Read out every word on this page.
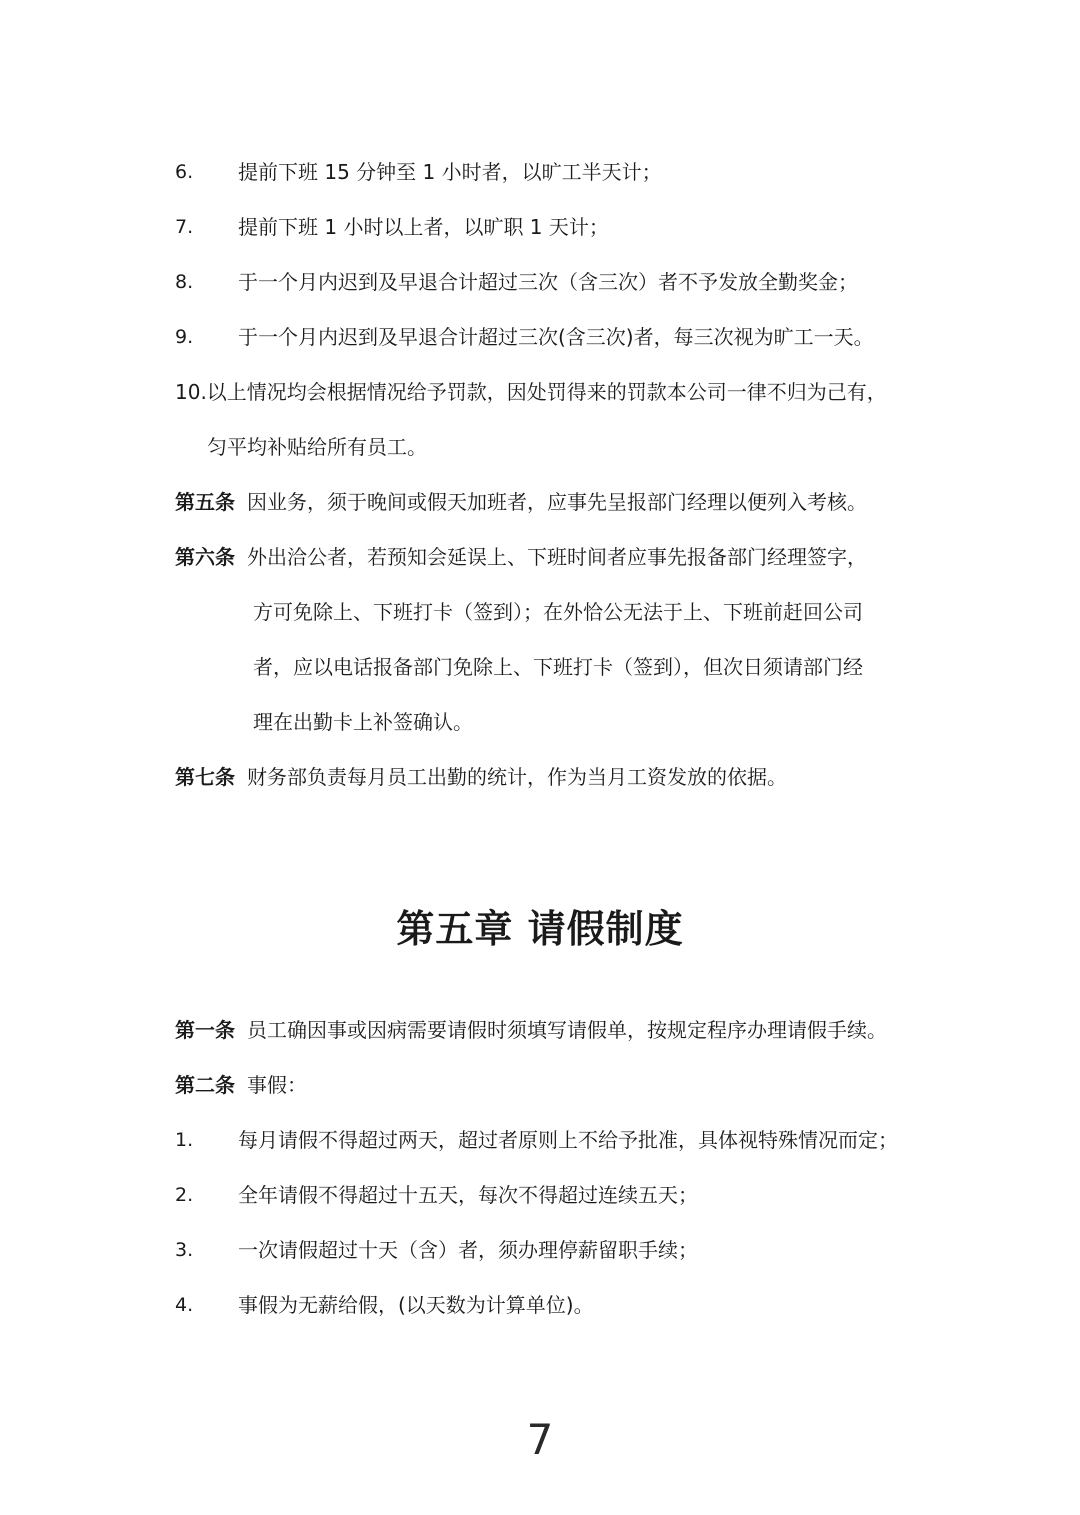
6. 提前下班 15 分钟至 1 小时者，以旷工半天计；
7. 提前下班 1 小时以上者，以旷职 1 天计；
8. 于一个月内迟到及早退合计超过三次（含三次）者不予发放全勤奖金；
9. 于一个月内迟到及早退合计超过三次(含三次)者，每三次视为旷工一天。
10.以上情况均会根据情况给予罚款，因处罚得来的罚款本公司一律不归为己有，
匀平均补贴给所有员工。
第五条 因业务，须于晚间或假天加班者，应事先呈报部门经理以便列入考核。
第六条 外出洽公者，若预知会延误上、下班时间者应事先报备部门经理签字，
方可免除上、下班打卡（签到）；在外恰公无法于上、下班前赶回公司
者，应以电话报备部门免除上、下班打卡（签到），但次日须请部门经
理在出勤卡上补签确认。
第七条 财务部负责每月员工出勤的统计，作为当月工资发放的依据。
第五章 请假制度
第一条 员工确因事或因病需要请假时须填写请假单，按规定程序办理请假手续。
第二条 事假：
1. 每月请假不得超过两天，超过者原则上不给予批准，具体视特殊情况而定；
2. 全年请假不得超过十五天，每次不得超过连续五天；
3. 一次请假超过十天（含）者，须办理停薪留职手续；
4. 事假为无薪给假，(以天数为计算单位)。
7
